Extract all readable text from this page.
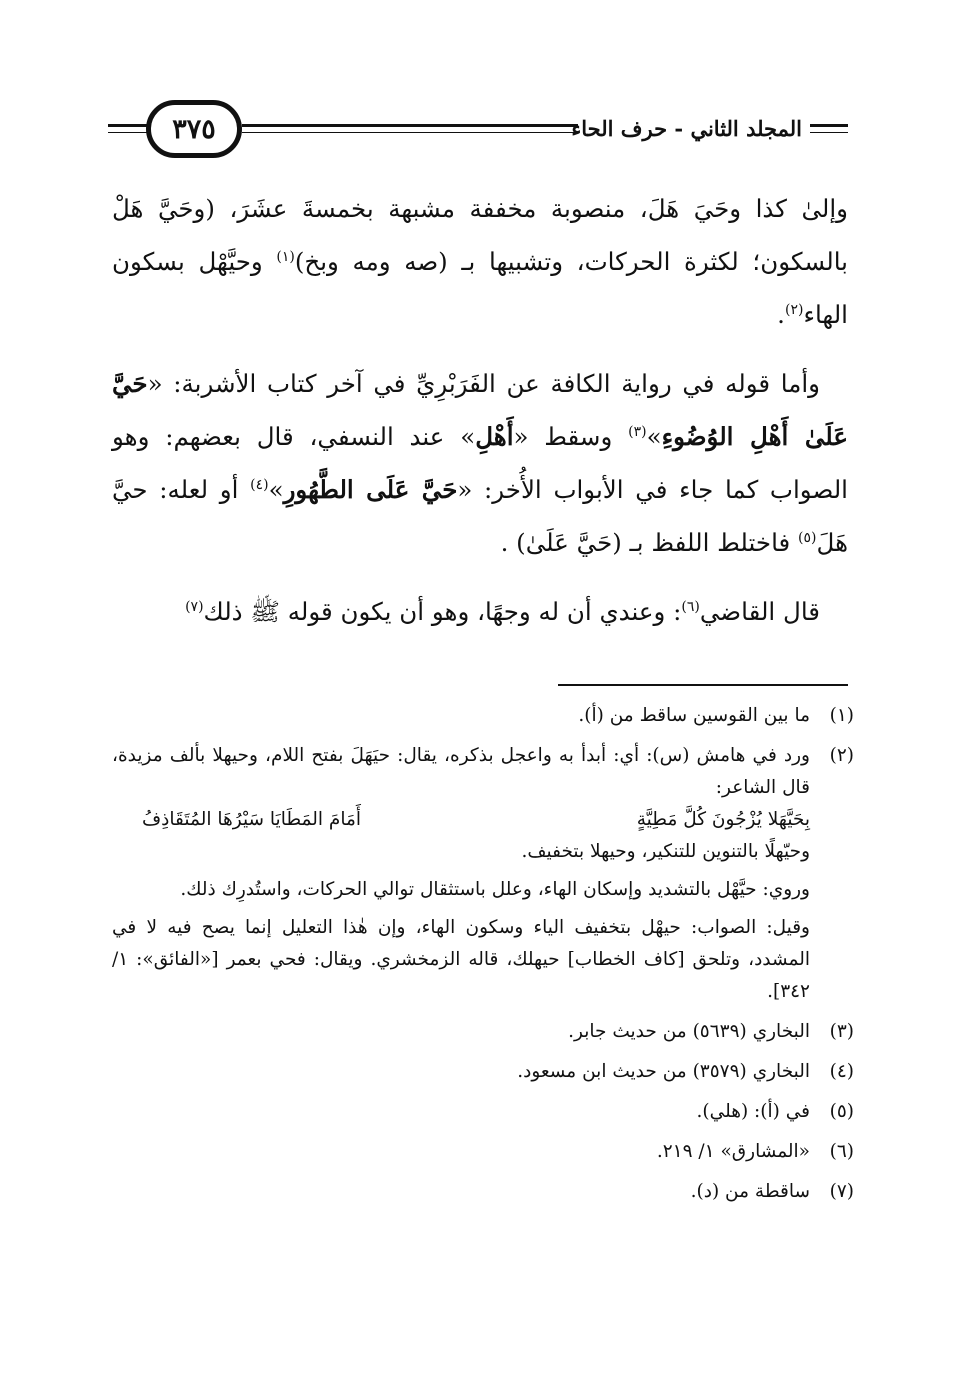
٣٧٥	المجلد الثاني - حرف الحاء

وإلىٰ كذا وحَيَ هَلَ، منصوبة مخففة مشبهة بخمسةَ عشَرَ، (وحَيَّ هَلْ بالسكون؛ لكثرة الحركات، وتشبيها بـ (صه ومه وبخ)$^{(١)}$ وحيَّهْل بسكون الهاء$^{(٢)}$.

وأما قوله في رواية الكافة عن الفَرَبْرِيِّ في آخر كتاب الأشربة: «حَيَّ عَلَىٰ أَهْلِ الوُضُوءِ»$^{(٣)}$ وسقط «أَهْلِ» عند النسفي، قال بعضهم: وهو الصواب كما جاء في الأبواب الأُخر: «حَيَّ عَلَى الطَّهُورِ»$^{(٤)}$ أو لعله: حيَّ هَلَ$^{(٥)}$ فاختلط اللفظ بـ (حَيَّ عَلَىٰ) .

قال القاضي$^{(٦)}$: وعندي أن له وجهًا، وهو أن يكون قوله ﷺ ذلك$^{(٧)}$

(١)
ما بين القوسين ساقط من (أ).
(٢)

ورد في هامش (س): أي: أبدأ به واعجل بذكره، يقال: حيَهَلَ بفتح اللام، وحيهلا بألف مزيدة، قال الشاعر:

بِحَيَّهَلا يُزْجُونَ كُلَّ مَطِيَّةٍ
أَمَامَ المَطَايَا سَيْرُهَا المُتَقَاذِفُ

وحيّهلًا بالتنوين للتنكير، وحيهلا بتخفيف.

وروي: حيَّهْل بالتشديد وإسكان الهاء، وعلل باستثقال توالي الحركات، واستُدرِك ذلك.

وقيل: الصواب: حيهْل بتخفيف الياء وسكون الهاء، وإن هٰذا التعليل إنما يصح فيه لا في المشدد، وتلحق [كاف الخطاب] حيهلك، قاله الزمخشري. ويقال: فحي بعمر [«الفائق»: ١/ ٣٤٢].

(٣)
البخاري (٥٦٣٩) من حديث جابر.
(٤)
البخاري (٣٥٧٩) من حديث ابن مسعود.
(٥)
في (أ): (هلي).
(٦)
«المشارق» ١/ ٢١٩.
(٧)
ساقطة من (د).
